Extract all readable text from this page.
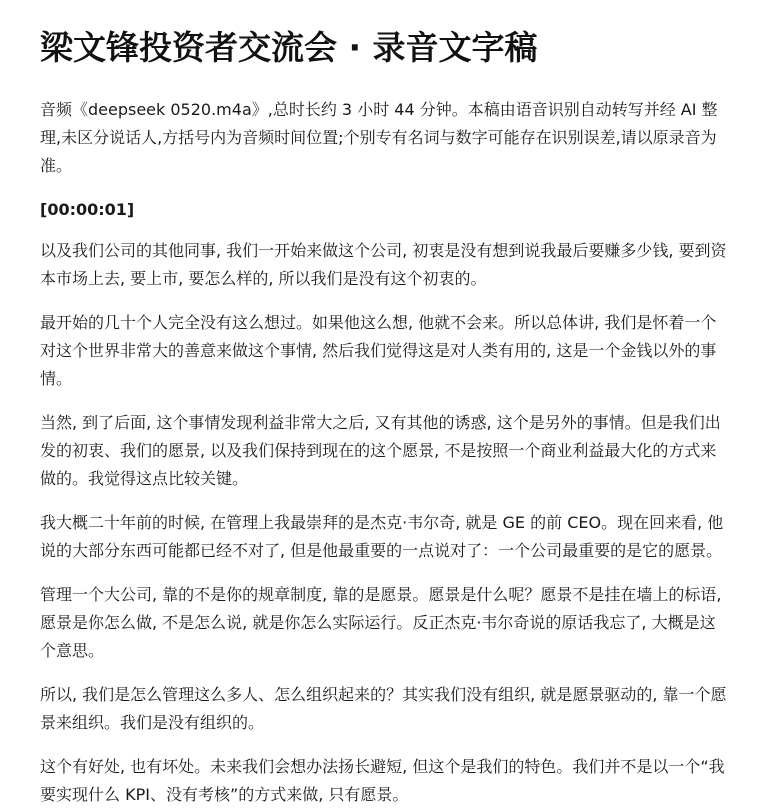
梁文锋投资者交流会 · 录音文字稿

音频《deepseek 0520.m4a》,总时长约 3 小时 44 分钟。本稿由语音识别自动转写并经 AI 整理,未区分说话人,方括号内为音频时间位置;个别专有名词与数字可能存在识别误差,请以原录音为准。

[00:00:01]

以及我们公司的其他同事, 我们一开始来做这个公司, 初衷是没有想到说我最后要赚多少钱, 要到资本市场上去, 要上市, 要怎么样的, 所以我们是没有这个初衷的。

最开始的几十个人完全没有这么想过。如果他这么想, 他就不会来。所以总体讲, 我们是怀着一个对这个世界非常大的善意来做这个事情, 然后我们觉得这是对人类有用的, 这是一个金钱以外的事情。

当然, 到了后面, 这个事情发现利益非常大之后, 又有其他的诱惑, 这个是另外的事情。但是我们出发的初衷、我们的愿景, 以及我们保持到现在的这个愿景, 不是按照一个商业利益最大化的方式来做的。我觉得这点比较关键。

我大概二十年前的时候, 在管理上我最崇拜的是杰克·韦尔奇, 就是 GE 的前 CEO。现在回来看, 他说的大部分东西可能都已经不对了, 但是他最重要的一点说对了：一个公司最重要的是它的愿景。

管理一个大公司, 靠的不是你的规章制度, 靠的是愿景。愿景是什么呢？愿景不是挂在墙上的标语, 愿景是你怎么做, 不是怎么说, 就是你怎么实际运行。反正杰克·韦尔奇说的原话我忘了, 大概是这个意思。

所以, 我们是怎么管理这么多人、怎么组织起来的？其实我们没有组织, 就是愿景驱动的, 靠一个愿景来组织。我们是没有组织的。

这个有好处, 也有坏处。未来我们会想办法扬长避短, 但这个是我们的特色。我们并不是以一个“我要实现什么 KPI、没有考核”的方式来做, 只有愿景。
